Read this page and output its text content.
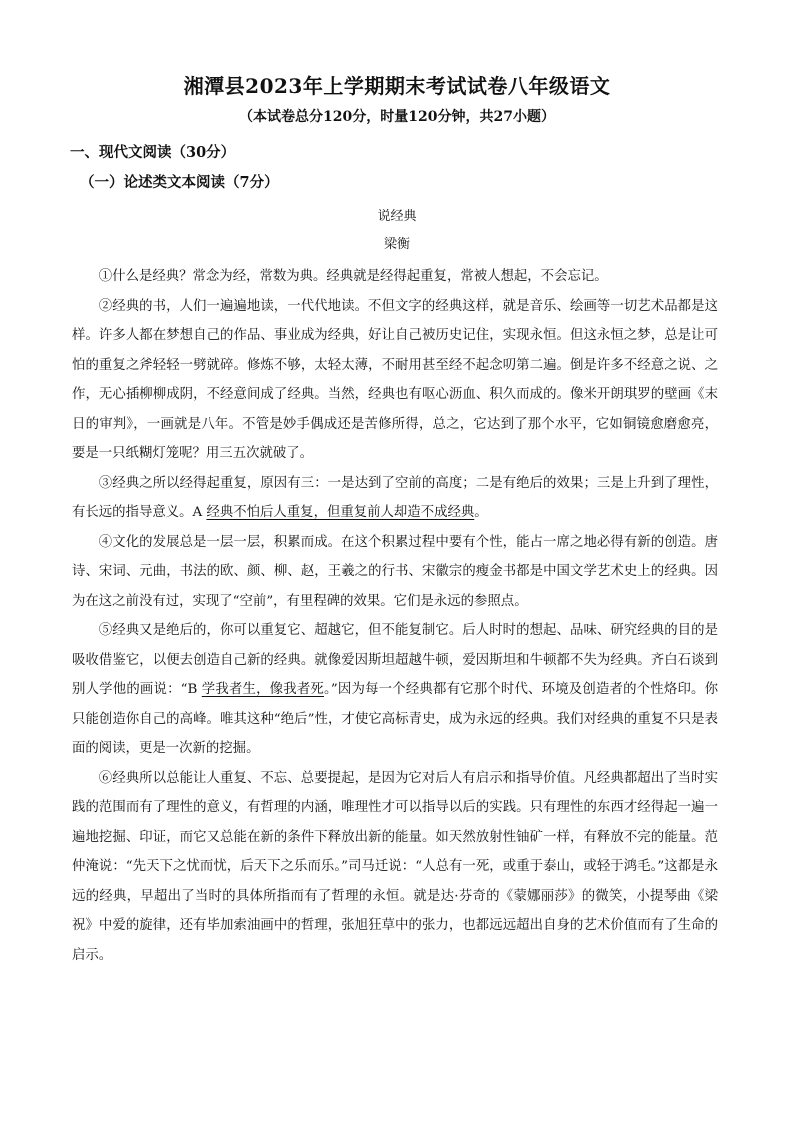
湘潭县2023年上学期期末考试试卷八年级语文
（本试卷总分120分，时量120分钟，共27小题）
一、现代文阅读（30分）
（一）论述类文本阅读（7分）
说经典
梁衡

①什么是经典？常念为经，常数为典。经典就是经得起重复，常被人想起，不会忘记。

②经典的书，人们一遍遍地读，一代代地读。不但文字的经典这样，就是音乐、绘画等一切艺术品都是这样。许多人都在梦想自己的作品、事业成为经典，好让自己被历史记住，实现永恒。但这永恒之梦，总是让可怕的重复之斧轻轻一劈就碎。修炼不够，太轻太薄，不耐用甚至经不起念叨第二遍。倒是许多不经意之说、之作，无心插柳柳成阴，不经意间成了经典。当然，经典也有呕心沥血、积久而成的。像米开朗琪罗的壁画《末日的审判》，一画就是八年。不管是妙手偶成还是苦修所得，总之，它达到了那个水平，它如铜镜愈磨愈亮，要是一只纸糊灯笼呢？用三五次就破了。

③经典之所以经得起重复，原因有三：一是达到了空前的高度；二是有绝后的效果；三是上升到了理性，有长远的指导意义。A 经典不怕后人重复，但重复前人却造不成经典。

④文化的发展总是一层一层，积累而成。在这个积累过程中要有个性，能占一席之地必得有新的创造。唐诗、宋词、元曲，书法的欧、颜、柳、赵，王羲之的行书、宋徽宗的瘦金书都是中国文学艺术史上的经典。因为在这之前没有过，实现了“空前”，有里程碑的效果。它们是永远的参照点。

⑤经典又是绝后的，你可以重复它、超越它，但不能复制它。后人时时的想起、品味、研究经典的目的是吸收借鉴它，以便去创造自己新的经典。就像爱因斯坦超越牛顿，爱因斯坦和牛顿都不失为经典。齐白石谈到别人学他的画说：“B 学我者生，像我者死。”因为每一个经典都有它那个时代、环境及创造者的个性烙印。你只能创造你自己的高峰。唯其这种“绝后”性，才使它高标青史，成为永远的经典。我们对经典的重复不只是表面的阅读，更是一次新的挖掘。

⑥经典所以总能让人重复、不忘、总要提起，是因为它对后人有启示和指导价值。凡经典都超出了当时实践的范围而有了理性的意义，有哲理的内涵，唯理性才可以指导以后的实践。只有理性的东西才经得起一遍一遍地挖掘、印证，而它又总能在新的条件下释放出新的能量。如天然放射性铀矿一样，有释放不完的能量。范仲淹说：“先天下之忧而忧，后天下之乐而乐。”司马迁说：“人总有一死，或重于泰山，或轻于鸿毛。”这都是永远的经典，早超出了当时的具体所指而有了哲理的永恒。就是达·芬奇的《蒙娜丽莎》的微笑，小提琴曲《梁祝》中爱的旋律，还有毕加索油画中的哲理，张旭狂草中的张力，也都远远超出自身的艺术价值而有了生命的启示。
